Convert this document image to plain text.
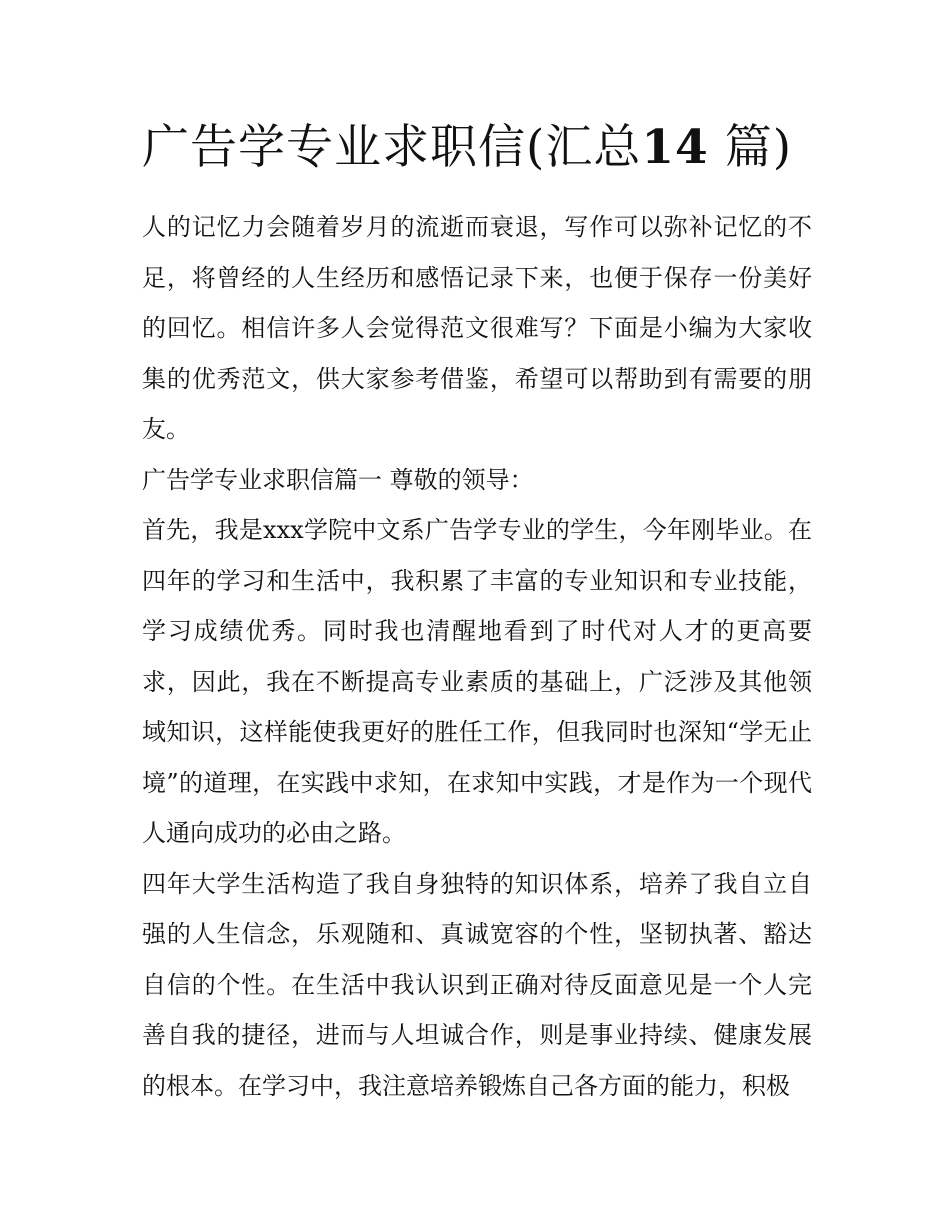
广告学专业求职信(汇总14 篇)

人的记忆力会随着岁月的流逝而衰退，写作可以弥补记忆的不足，将曾经的人生经历和感悟记录下来，也便于保存一份美好的回忆。相信许多人会觉得范文很难写？下面是小编为大家收集的优秀范文，供大家参考借鉴，希望可以帮助到有需要的朋友。

广告学专业求职信篇一 尊敬的领导：

首先，我是xxx学院中文系广告学专业的学生，今年刚毕业。在四年的学习和生活中，我积累了丰富的专业知识和专业技能，学习成绩优秀。同时我也清醒地看到了时代对人才的更高要求，因此，我在不断提高专业素质的基础上，广泛涉及其他领域知识，这样能使我更好的胜任工作，但我同时也深知“学无止境”的道理，在实践中求知，在求知中实践，才是作为一个现代人通向成功的必由之路。

四年大学生活构造了我自身独特的知识体系，培养了我自立自强的人生信念，乐观随和、真诚宽容的个性，坚韧执著、豁达自信的个性。在生活中我认识到正确对待反面意见是一个人完善自我的捷径，进而与人坦诚合作，则是事业持续、健康发展的根本。在学习中，我注意培养锻炼自己各方面的能力，积极
